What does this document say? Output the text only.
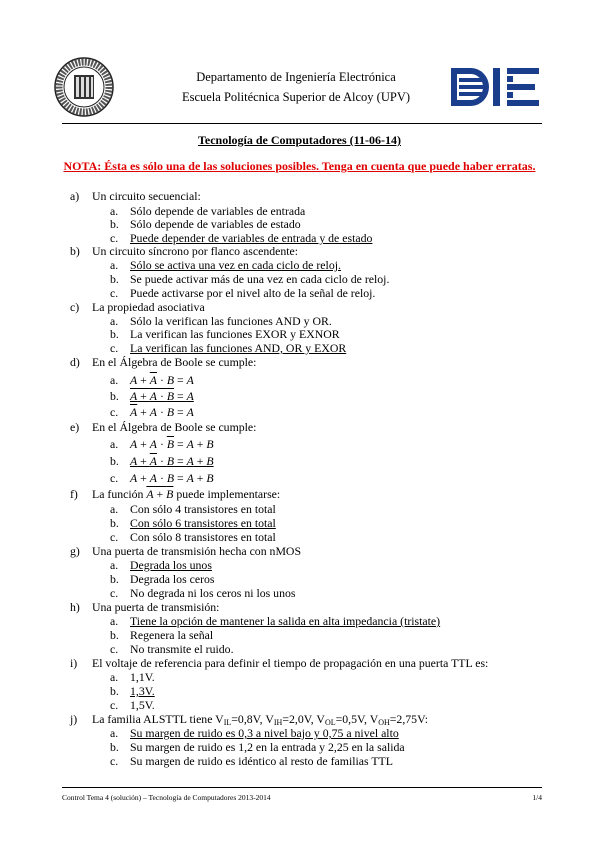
Departamento de Ingeniería Electrónica
Escuela Politécnica Superior de Alcoy (UPV)
Tecnología de Computadores (11-06-14)
NOTA: Ésta es sólo una de las soluciones posibles. Tenga en cuenta que puede haber erratas.
a) Un circuito secuencial:
a. Sólo depende de variables de entrada
b. Sólo depende de variables de estado
c. Puede depender de variables de entrada y de estado
b) Un circuito síncrono por flanco ascendente:
a. Sólo se activa una vez en cada ciclo de reloj.
b. Se puede activar más de una vez en cada ciclo de reloj.
c. Puede activarse por el nivel alto de la señal de reloj.
c) La propiedad asociativa
a. Sólo la verifican las funciones AND y OR.
b. La verifican las funciones EXOR y EXNOR
c. La verifican las funciones AND, OR y EXOR
d) En el Álgebra de Boole se cumple:
a. $A + \overline{A} \cdot B = A$
b. A + A · B = A
c. $\overline{A} + A \cdot B = A$
e) En el Álgebra de Boole se cumple:
a. $A + A \cdot \overline{B} = A + B$
b. A + A · B = A + B
c. A + A · B = A + B
f) La función A + B puede implementarse:
a. Con sólo 4 transistores en total
b. Con sólo 6 transistores en total
c. Con sólo 8 transistores en total
g) Una puerta de transmisión hecha con nMOS
a. Degrada los unos
b. Degrada los ceros
c. No degrada ni los ceros ni los unos
h) Una puerta de transmisión:
a. Tiene la opción de mantener la salida en alta impedancia (tristate)
b. Regenera la señal
c. No transmite el ruido.
i) El voltaje de referencia para definir el tiempo de propagación en una puerta TTL es:
a. 1,1V.
b. 1,3V.
c. 1,5V.
j) La familia ALSTTL tiene $V_{IL}=0,8V$, $V_{IH}=2,0V$, $V_{OL}=0,5V$, $V_{OH}=2,75V$:
a. Su margen de ruido es 0,3 a nivel bajo y 0,75 a nivel alto
b. Su margen de ruido es 1,2 en la entrada y 2,25 en la salida
c. Su margen de ruido es idéntico al resto de familias TTL
Control Tema 4 (solución) – Tecnología de Computadores 2013-2014	1/4
